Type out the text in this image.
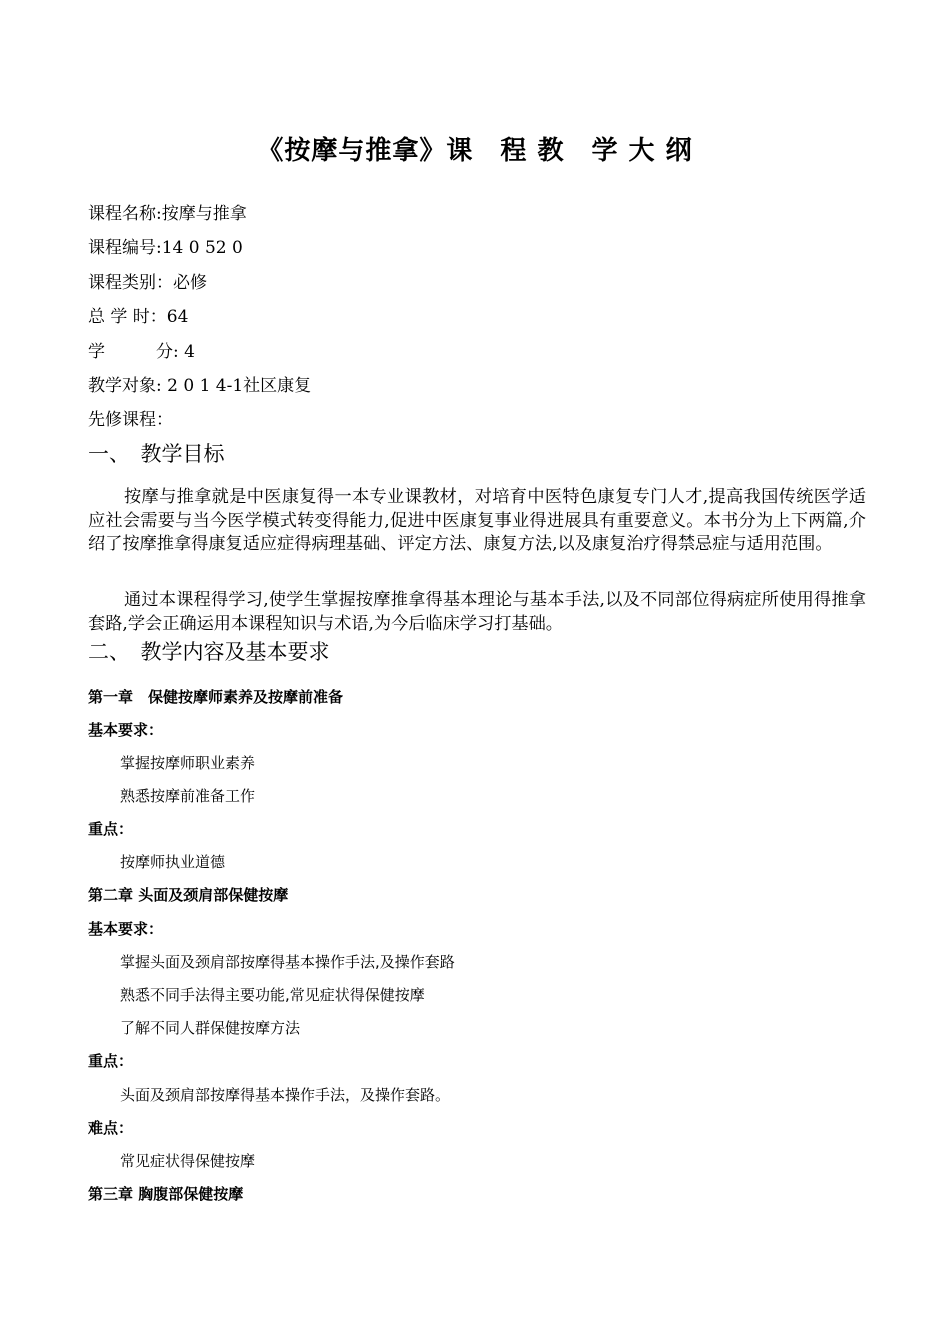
《按摩与推拿》课　程 教　学 大 纲
课程名称:按摩与推拿
课程编号:14 0 52 0
课程类别：必修
总 学 时：64
学　　　分: 4
教学对象: 2 0 1 4-1社区康复
先修课程：
一、　教学目标
按摩与推拿就是中医康复得一本专业课教材，对培育中医特色康复专门人才,提高我国传统医学适应社会需要与当今医学模式转变得能力,促进中医康复事业得进展具有重要意义。本书分为上下两篇,介绍了按摩推拿得康复适应症得病理基础、评定方法、康复方法,以及康复治疗得禁忌症与适用范围。
通过本课程得学习,使学生掌握按摩推拿得基本理论与基本手法,以及不同部位得病症所使用得推拿套路,学会正确运用本课程知识与术语,为今后临床学习打基础。
二、　教学内容及基本要求
第一章　保健按摩师素养及按摩前准备
基本要求：
掌握按摩师职业素养
熟悉按摩前准备工作
重点：
按摩师执业道德
第二章 头面及颈肩部保健按摩
基本要求：
掌握头面及颈肩部按摩得基本操作手法,及操作套路
熟悉不同手法得主要功能,常见症状得保健按摩
了解不同人群保健按摩方法
重点：
头面及颈肩部按摩得基本操作手法，及操作套路。
难点：
常见症状得保健按摩
第三章 胸腹部保健按摩
